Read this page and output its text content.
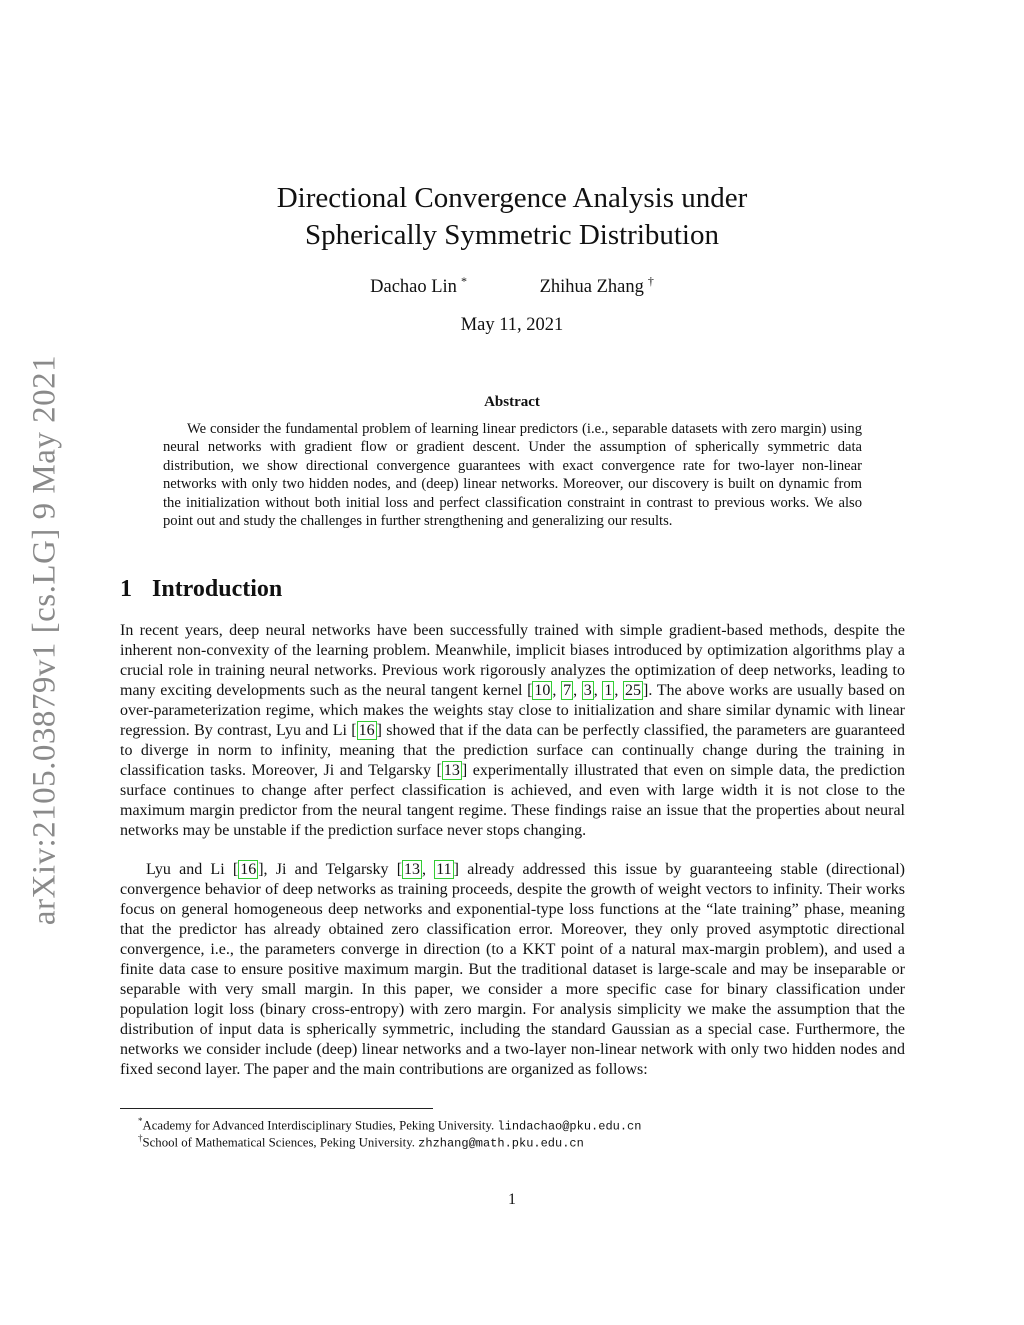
arXiv:2105.03879v1 [cs.LG] 9 May 2021
Directional Convergence Analysis under
Spherically Symmetric Distribution
Dachao Lin *	Zhihua Zhang †
May 11, 2021
Abstract
We consider the fundamental problem of learning linear predictors (i.e., separable datasets with zero margin) using neural networks with gradient flow or gradient descent. Under the assumption of spherically symmetric data distribution, we show directional convergence guarantees with exact convergence rate for two-layer non-linear networks with only two hidden nodes, and (deep) linear networks. Moreover, our discovery is built on dynamic from the initialization without both initial loss and perfect classification constraint in contrast to previous works. We also point out and study the challenges in further strengthening and generalizing our results.
1 Introduction
In recent years, deep neural networks have been successfully trained with simple gradient-based methods, despite the inherent non-convexity of the learning problem. Meanwhile, implicit biases introduced by optimization algorithms play a crucial role in training neural networks. Previous work rigorously analyzes the optimization of deep networks, leading to many exciting developments such as the neural tangent kernel [ 10 , 7 , 3 , 1 , 25 ]. The above works are usually based on over-parameterization regime, which makes the weights stay close to initialization and share similar dynamic with linear regression. By contrast, Lyu and Li [ 16 ] showed that if the data can be perfectly classified, the parameters are guaranteed to diverge in norm to infinity, meaning that the prediction surface can continually change during the training in classification tasks. Moreover, Ji and Telgarsky [ 13 ] experimentally illustrated that even on simple data, the prediction surface continues to change after perfect classification is achieved, and even with large width it is not close to the maximum margin predictor from the neural tangent regime. These findings raise an issue that the properties about neural networks may be unstable if the prediction surface never stops changing.
Lyu and Li [ 16 ], Ji and Telgarsky [ 13 , 11 ] already addressed this issue by guaranteeing stable (directional) convergence behavior of deep networks as training proceeds, despite the growth of weight vectors to infinity. Their works focus on general homogeneous deep networks and exponential-type loss functions at the “late training” phase, meaning that the predictor has already obtained zero classification error. Moreover, they only proved asymptotic directional convergence, i.e., the parameters converge in direction (to a KKT point of a natural max-margin problem), and used a finite data case to ensure positive maximum margin. But the traditional dataset is large-scale and may be inseparable or separable with very small margin. In this paper, we consider a more specific case for binary classification under population logit loss (binary cross-entropy) with zero margin. For analysis simplicity we make the assumption that the distribution of input data is spherically symmetric, including the standard Gaussian as a special case. Furthermore, the networks we consider include (deep) linear networks and a two-layer non-linear network with only two hidden nodes and fixed second layer. The paper and the main contributions are organized as follows:
*Academy for Advanced Interdisciplinary Studies, Peking University. lindachao@pku.edu.cn
†School of Mathematical Sciences, Peking University. zhzhang@math.pku.edu.cn
1
